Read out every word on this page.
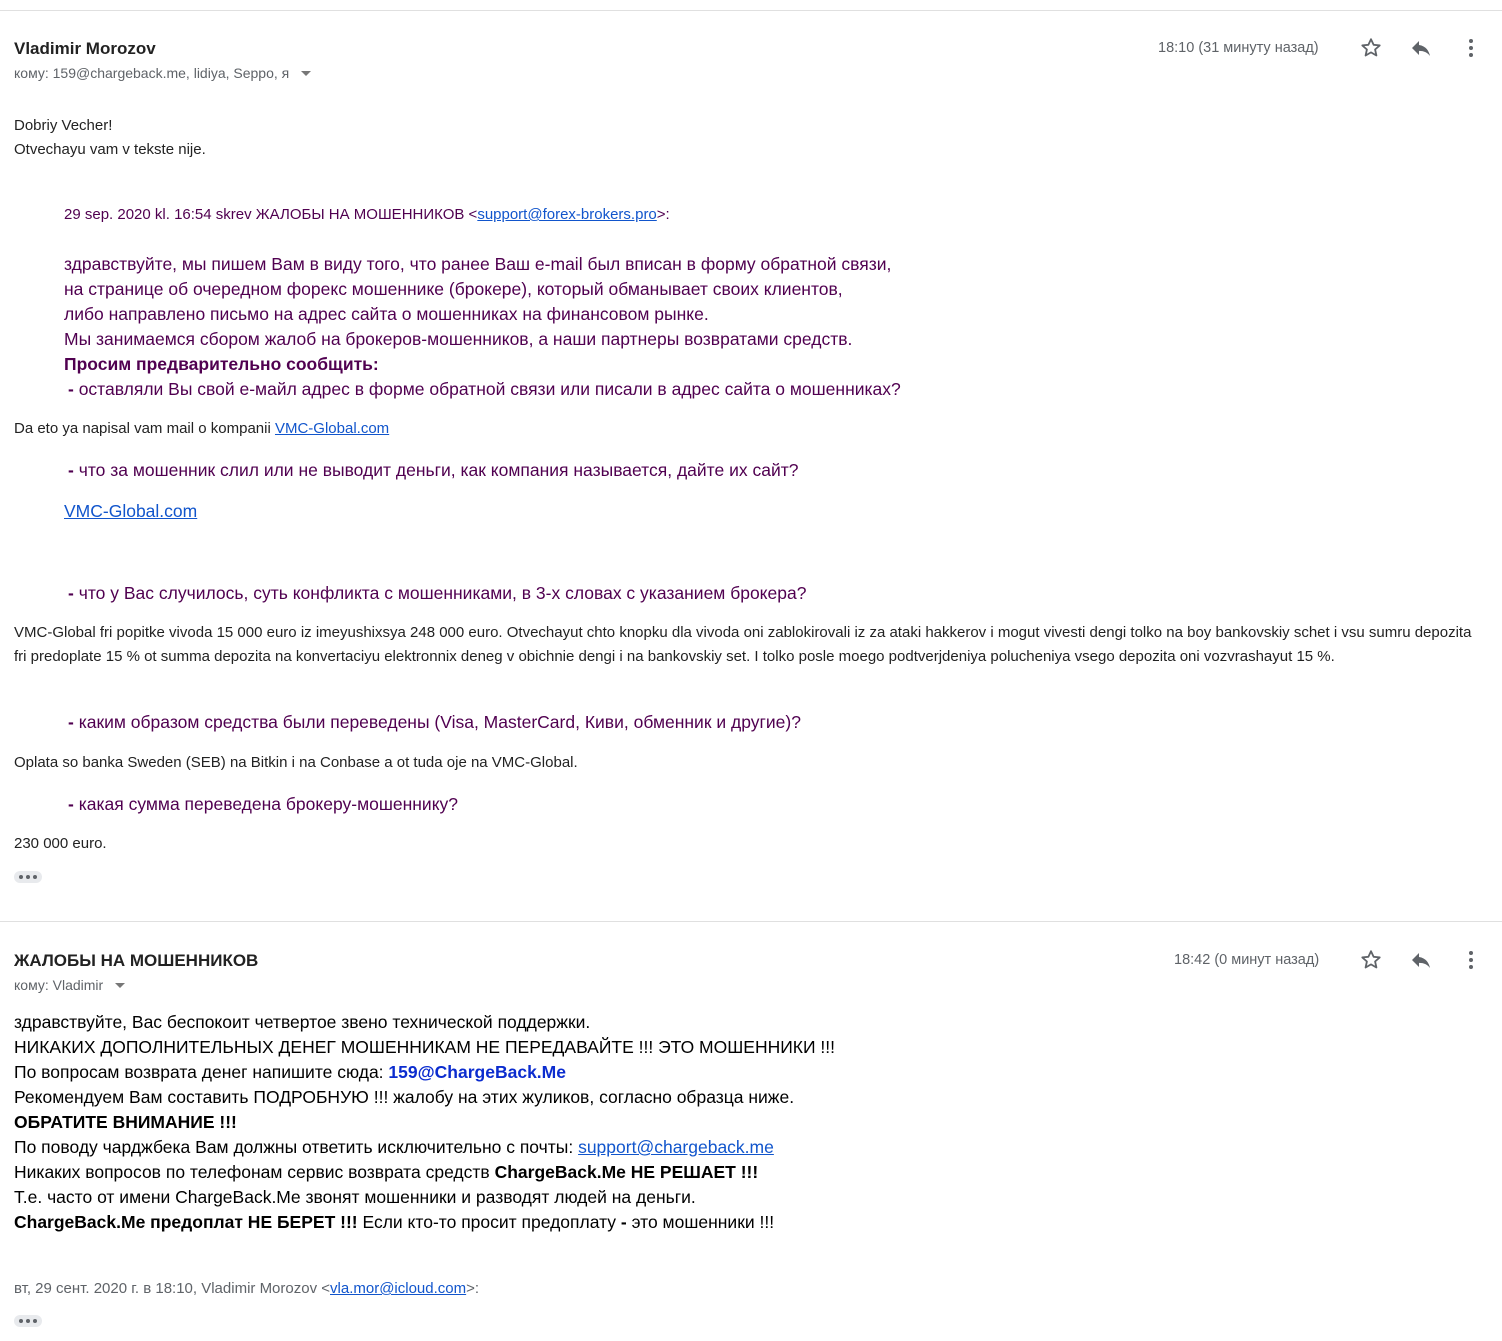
Vladimir Morozov
кому: 159@chargeback.me, lidiya, Seppo, я
18:10 (31 минуту назад)
Dobriy Vecher!
Otvechayu vam v tekste nije.
29 sep. 2020 kl. 16:54 skrev ЖАЛОБЫ НА МОШЕННИКОВ <support@forex-brokers.pro>:
здравствуйте, мы пишем Вам в виду того, что ранее Ваш e-mail был вписан в форму обратной связи,
на странице об очередном форекс мошеннике (брокере), который обманывает своих клиентов,
либо направлено письмо на адрес сайта о мошенниках на финансовом рынке.
Мы занимаемся сбором жалоб на брокеров-мошенников, а наши партнеры возвратами средств.
Просим предварительно сообщить:
- оставляли Вы свой е-майл адрес в форме обратной связи или писали в адрес сайта о мошенниках?
Da eto ya napisal vam mail o kompanii VMC-Global.com
- что за мошенник слил или не выводит деньги, как компания называется, дайте их сайт?
VMC-Global.com
- что у Вас случилось, суть конфликта с мошенниками, в 3-х словах с указанием брокера?
VMC-Global fri popitke vivoda 15 000 euro iz imeyushixsya 248 000 euro. Otvechayut chto knopku dla vivoda oni zablokirovali iz za ataki hakkerov i mogut vivesti dengi tolko na boy bankovskiy schet i vsu sumru depozita fri predoplate 15 % ot summa depozita na konvertaciyu elektronnix deneg v obichnie dengi i na bankovskiy set. I tolko posle moego podtverjdeniya polucheniya vsego depozita oni vozvrashayut 15 %.
- каким образом средства были переведены (Visa, MasterCard, Киви, обменник и другие)?
Oplata so banka Sweden (SEB) na Bitkin i na Conbase a ot tuda oje na VMC-Global.
- какая сумма переведена брокеру-мошеннику?
230 000 euro.
ЖАЛОБЫ НА МОШЕННИКОВ
кому: Vladimir
18:42 (0 минут назад)
здравствуйте, Вас беспокоит четвертое звено технической поддержки.
НИКАКИХ ДОПОЛНИТЕЛЬНЫХ ДЕНЕГ МОШЕННИКАМ НЕ ПЕРЕДАВАЙТЕ !!! ЭТО МОШЕННИКИ !!!
По вопросам возврата денег напишите сюда: 159@ChargeBack.Me
Рекомендуем Вам составить ПОДРОБНУЮ !!! жалобу на этих жуликов, согласно образца ниже.
ОБРАТИТЕ ВНИМАНИЕ !!!
По поводу чарджбека Вам должны ответить исключительно с почты: support@chargeback.me
Никаких вопросов по телефонам сервис возврата средств ChargeBack.Me НЕ РЕШАЕТ !!!
Т.е. часто от имени ChargeBack.Me звонят мошенники и разводят людей на деньги.
ChargeBack.Me предоплат НЕ БЕРЕТ !!! Если кто-то просит предоплату - это мошенники !!!
вт, 29 сент. 2020 г. в 18:10, Vladimir Morozov <vla.mor@icloud.com>:
